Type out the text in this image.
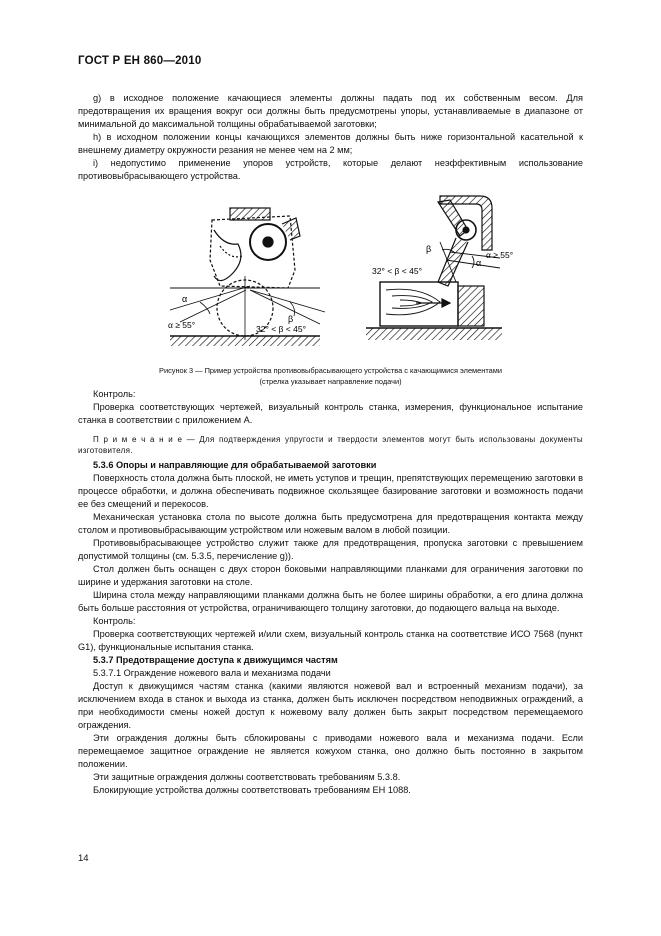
ГОСТ Р ЕН 860—2010

g) в исходное положение качающиеся элементы должны падать под их собственным весом. Для предотвращения их вращения вокруг оси должны быть предусмотрены упоры, устанавливаемые в диапазоне от минимальной до максимальной толщины обрабатываемой заготовки;

h) в исходном положении концы качающихся элементов должны быть ниже горизонтальной касательной к внешнему диаметру окружности резания не менее чем на 2 мм;

i) недопустимо применение упоров устройств, которые делают неэффективным использование противовыбрасывающего устройства.

α
α ≥ 55°
β
32° < β < 45°
β
32° < β < 45°
α
α ≥ 55°
Рисунок 3 — Пример устройства противовыбрасывающего устройства с качающимися элементами
(стрелка указывает направление подачи)

Контроль:

Проверка соответствующих чертежей, визуальный контроль станка, измерения, функциональное испытание станка в соответствии с приложением А.

П р и м е ч а н и е — Для подтверждения упругости и твердости элементов могут быть использованы документы изготовителя.

5.3.6 Опоры и направляющие для обрабатываемой заготовки

Поверхность стола должна быть плоской, не иметь уступов и трещин, препятствующих перемещению заготовки в процессе обработки, и должна обеспечивать подвижное скользящее базирование заготовки и возможность подачи ее без смещений и перекосов.

Механическая установка стола по высоте должна быть предусмотрена для предотвращения контакта между столом и противовыбрасывающим устройством или ножевым валом в любой позиции.

Противовыбрасывающее устройство служит также для предотвращения, пропуска заготовки с превышением допустимой толщины (см. 5.3.5, перечисление g)).

Стол должен быть оснащен с двух сторон боковыми направляющими планками для ограничения заготовки по ширине и удержания заготовки на столе.

Ширина стола между направляющими планками должна быть не более ширины обработки, а его длина должна быть больше расстояния от устройства, ограничивающего толщину заготовки, до подающего вальца на выходе.

Контроль:

Проверка соответствующих чертежей и/или схем, визуальный контроль станка на соответствие ИСО 7568 (пункт G1), функциональные испытания станка.

5.3.7 Предотвращение доступа к движущимся частям

5.3.7.1 Ограждение ножевого вала и механизма подачи

Доступ к движущимся частям станка (какими являются ножевой вал и встроенный механизм подачи), за исключением входа в станок и выхода из станка, должен быть исключен посредством неподвижных ограждений, а при необходимости смены ножей доступ к ножевому валу должен быть закрыт посредством перемещаемого ограждения.

Эти ограждения должны быть сблокированы с приводами ножевого вала и механизма подачи. Если перемещаемое защитное ограждение не является кожухом станка, оно должно быть постоянно в закрытом положении.

Эти защитные ограждения должны соответствовать требованиям 5.3.8.

Блокирующие устройства должны соответствовать требованиям ЕН 1088.

14
